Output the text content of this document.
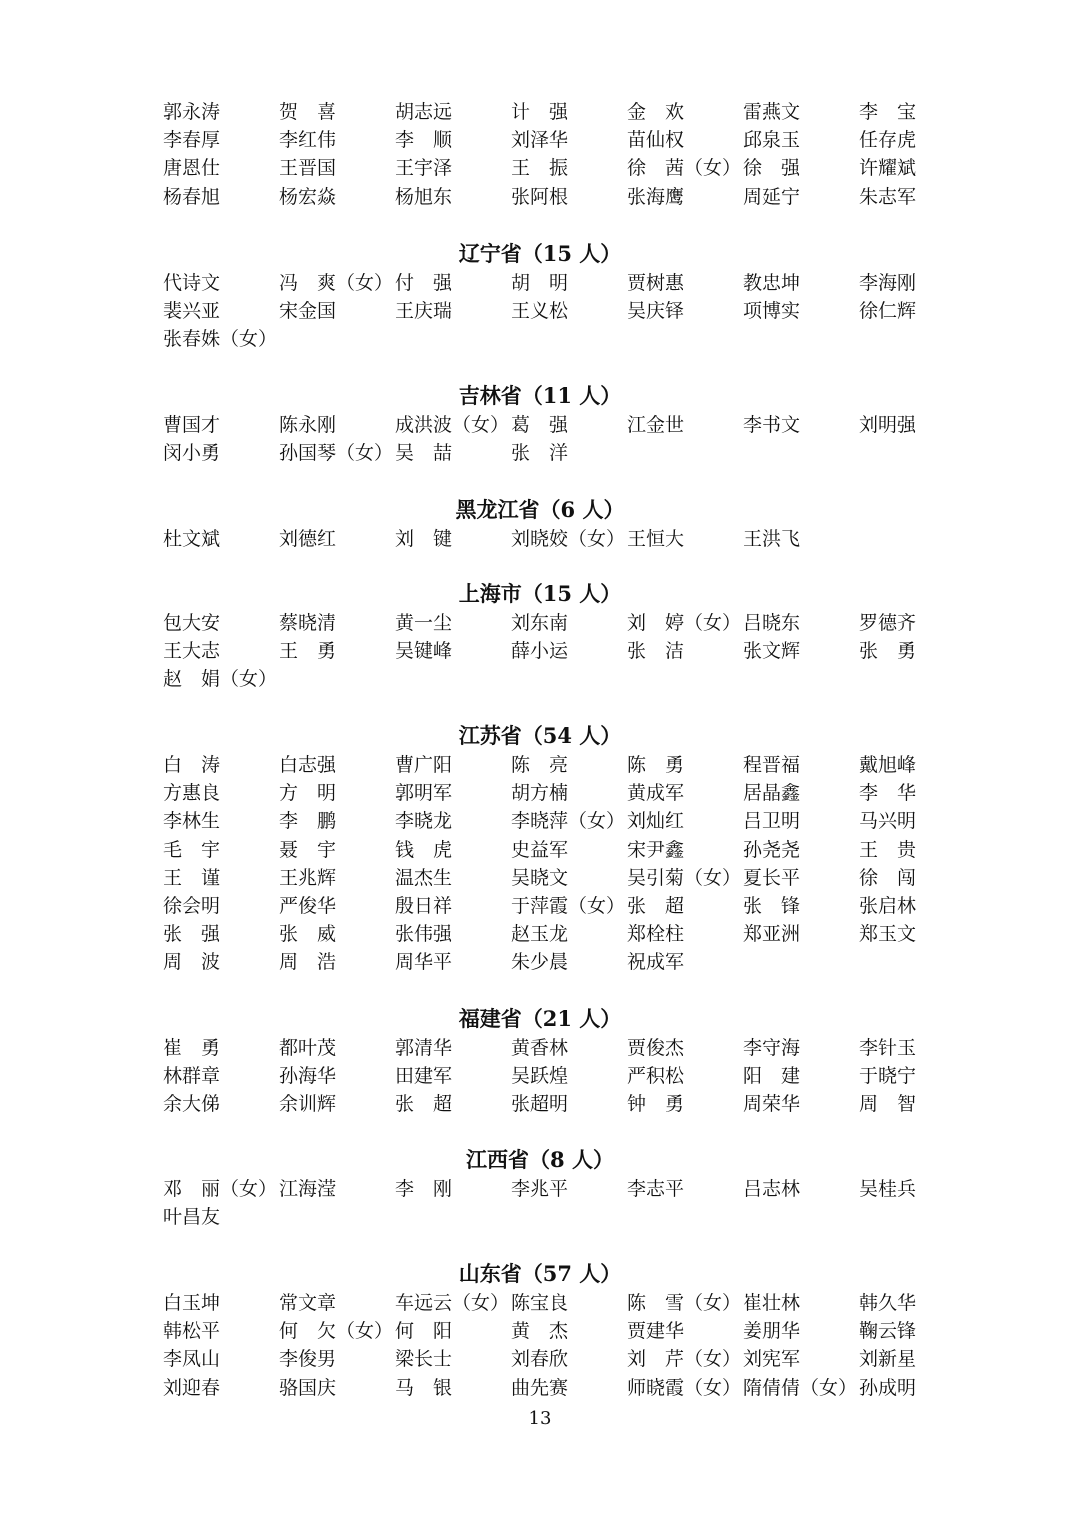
郭永涛	贺　喜	胡志远	计　强	金　欢	雷燕文	李　宝
李春厚	李红伟	李　顺	刘泽华	苗仙权	邱泉玉	任存虎
唐恩仕	王晋国	王宇泽	王　振	徐　茜（女） 徐　强	许耀斌
杨春旭	杨宏焱	杨旭东	张阿根	张海鹰	周延宁	朱志军
辽宁省（15 人）
代诗文	冯　爽（女） 付　强	胡　明	贾树惠	教忠坤	李海刚
裴兴亚	宋金国	王庆瑞	王义松	吴庆铎	项博实	徐仁辉
张春姝（女）
吉林省（11 人）
曹国才	陈永刚	成洪波（女） 葛　强	江金世	李书文	刘明强
闵小勇	孙国琴（女） 吴　喆	张　洋
黑龙江省（6 人）
杜文斌	刘德红	刘　键	刘晓姣（女） 王恒大	王洪飞
上海市（15 人）
包大安	蔡晓清	黄一尘	刘东南	刘　婷（女） 吕晓东	罗德齐
王大志	王　勇	吴键峰	薛小运	张　洁	张文辉	张　勇
赵　娟（女）
江苏省（54 人）
白　涛	白志强	曹广阳	陈　亮	陈　勇	程晋福	戴旭峰
方惠良	方　明	郭明军	胡方楠	黄成军	居晶鑫	李　华
李林生	李　鹏	李晓龙	李晓萍（女） 刘灿红	吕卫明	马兴明
毛　宇	聂　宇	钱　虎	史益军	宋尹鑫	孙尧尧	王　贵
王　谨	王兆辉	温杰生	吴晓文	吴引菊（女） 夏长平	徐　闯
徐会明	严俊华	殷日祥	于萍霞（女） 张　超	张　锋	张启林
张　强	张　威	张伟强	赵玉龙	郑栓柱	郑亚洲	郑玉文
周　波	周　浩	周华平	朱少晨	祝成军
福建省（21 人）
崔　勇	都叶茂	郭清华	黄香林	贾俊杰	李守海	李针玉
林群章	孙海华	田建军	吴跃煌	严积松	阳　建	于晓宁
余大俤	余训辉	张　超	张超明	钟　勇	周荣华	周　智
江西省（8 人）
邓　丽（女） 江海滢	李　刚	李兆平	李志平	吕志林	吴桂兵
叶昌友
山东省（57 人）
白玉坤	常文章	车远云（女） 陈宝良	陈　雪（女） 崔壮林	韩久华
韩松平	何　欠（女） 何　阳	黄　杰	贾建华	姜朋华	鞠云锋
李凤山	李俊男	梁长士	刘春欣	刘　芹（女） 刘宪军	刘新星
刘迎春	骆国庆	马　银	曲先赛	师晓霞（女） 隋倩倩（女） 孙成明
13
